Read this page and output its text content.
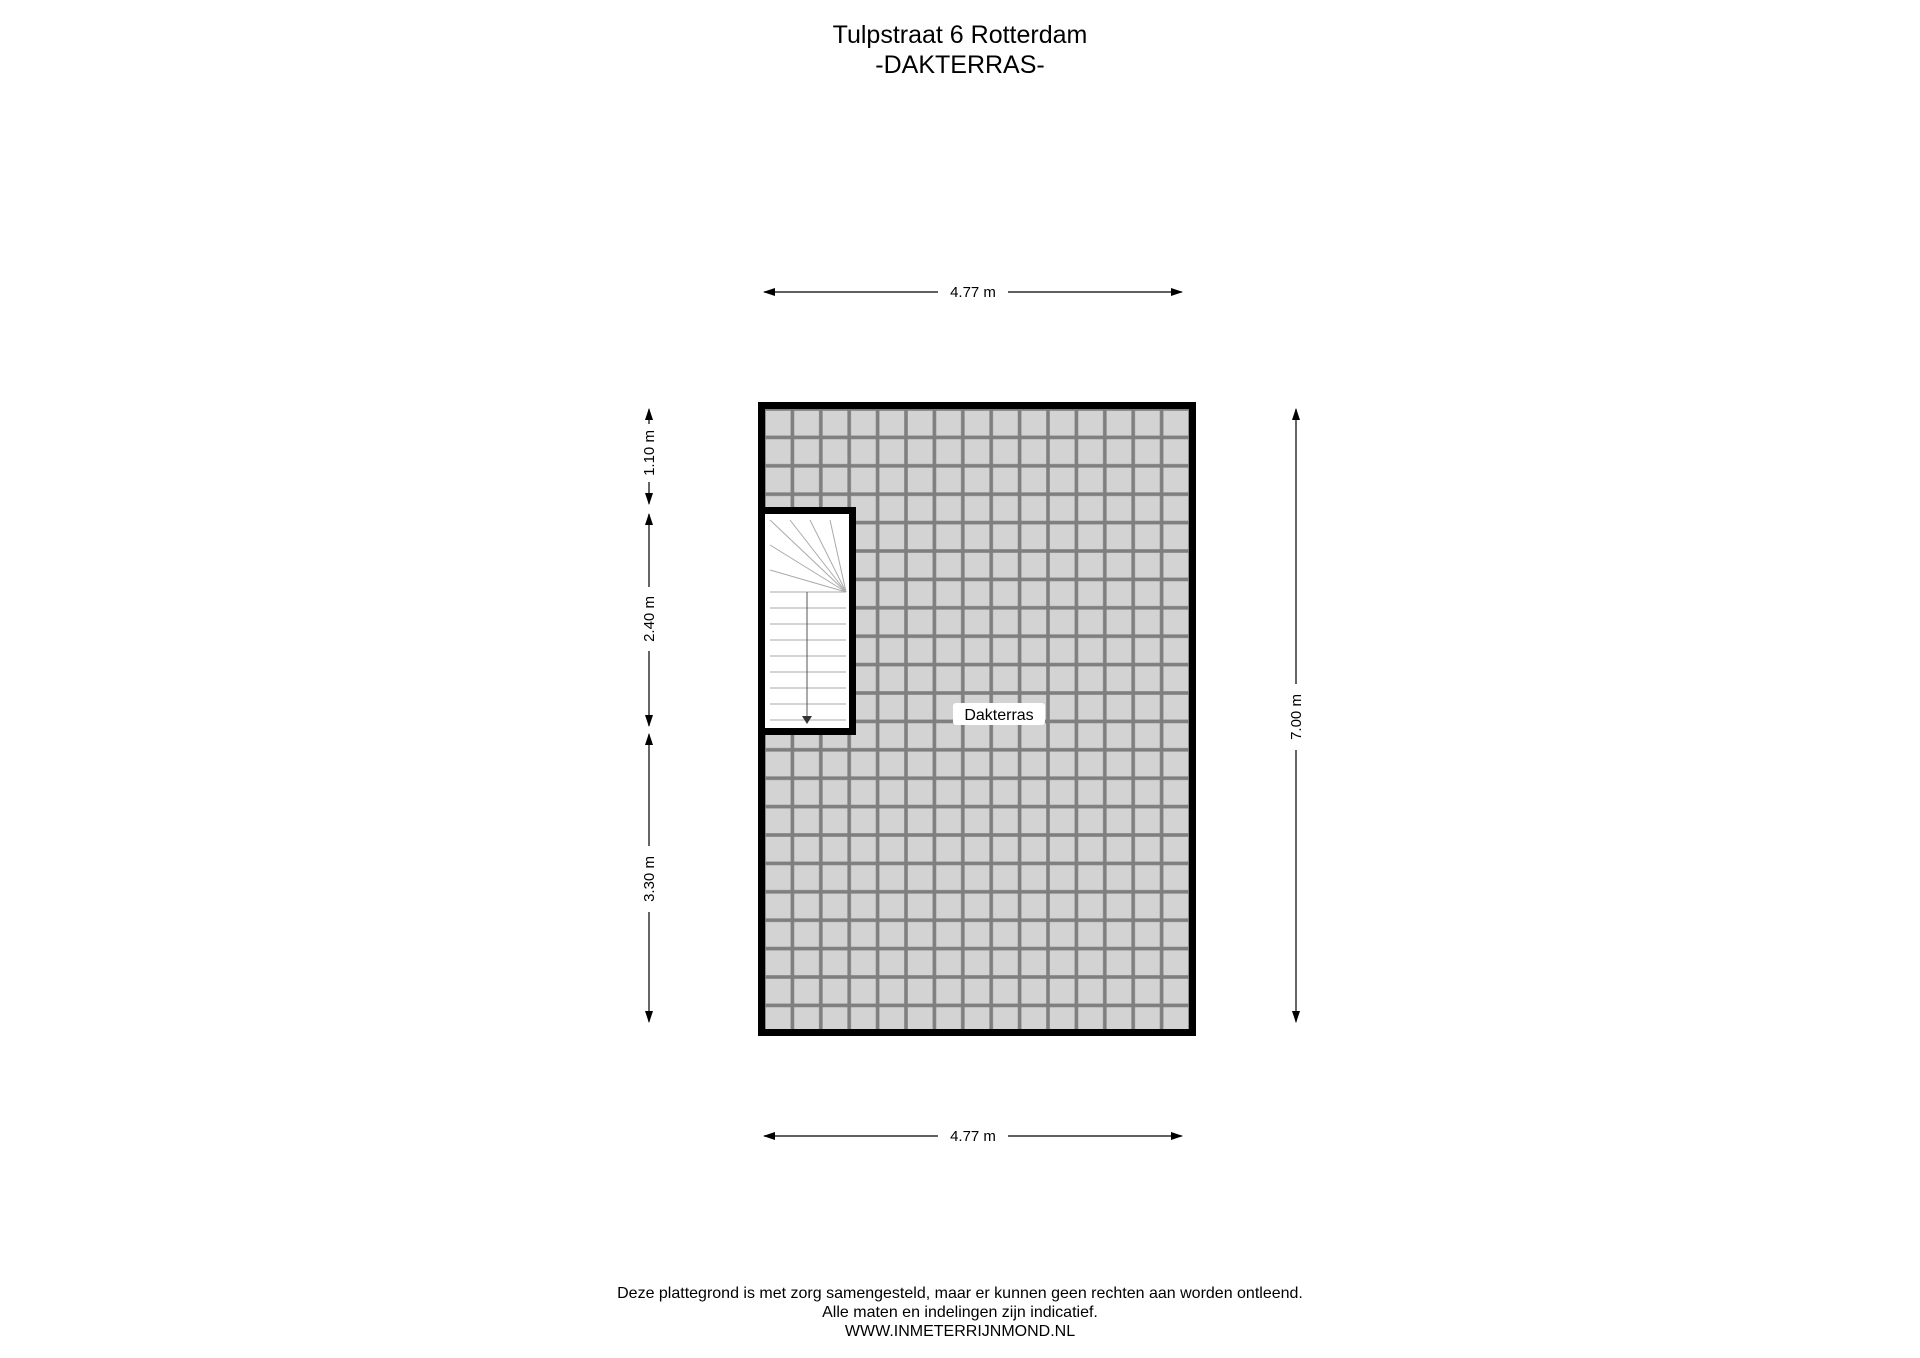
Tulpstraat 6 Rotterdam
-DAKTERRAS-
Dakterras
4.77 m
4.77 m
7.00 m
1.10 m
2.40 m
3.30 m
Deze plattegrond is met zorg samengesteld, maar er kunnen geen rechten aan worden ontleend.
Alle maten en indelingen zijn indicatief.
WWW.INMETERRIJNMOND.NL
